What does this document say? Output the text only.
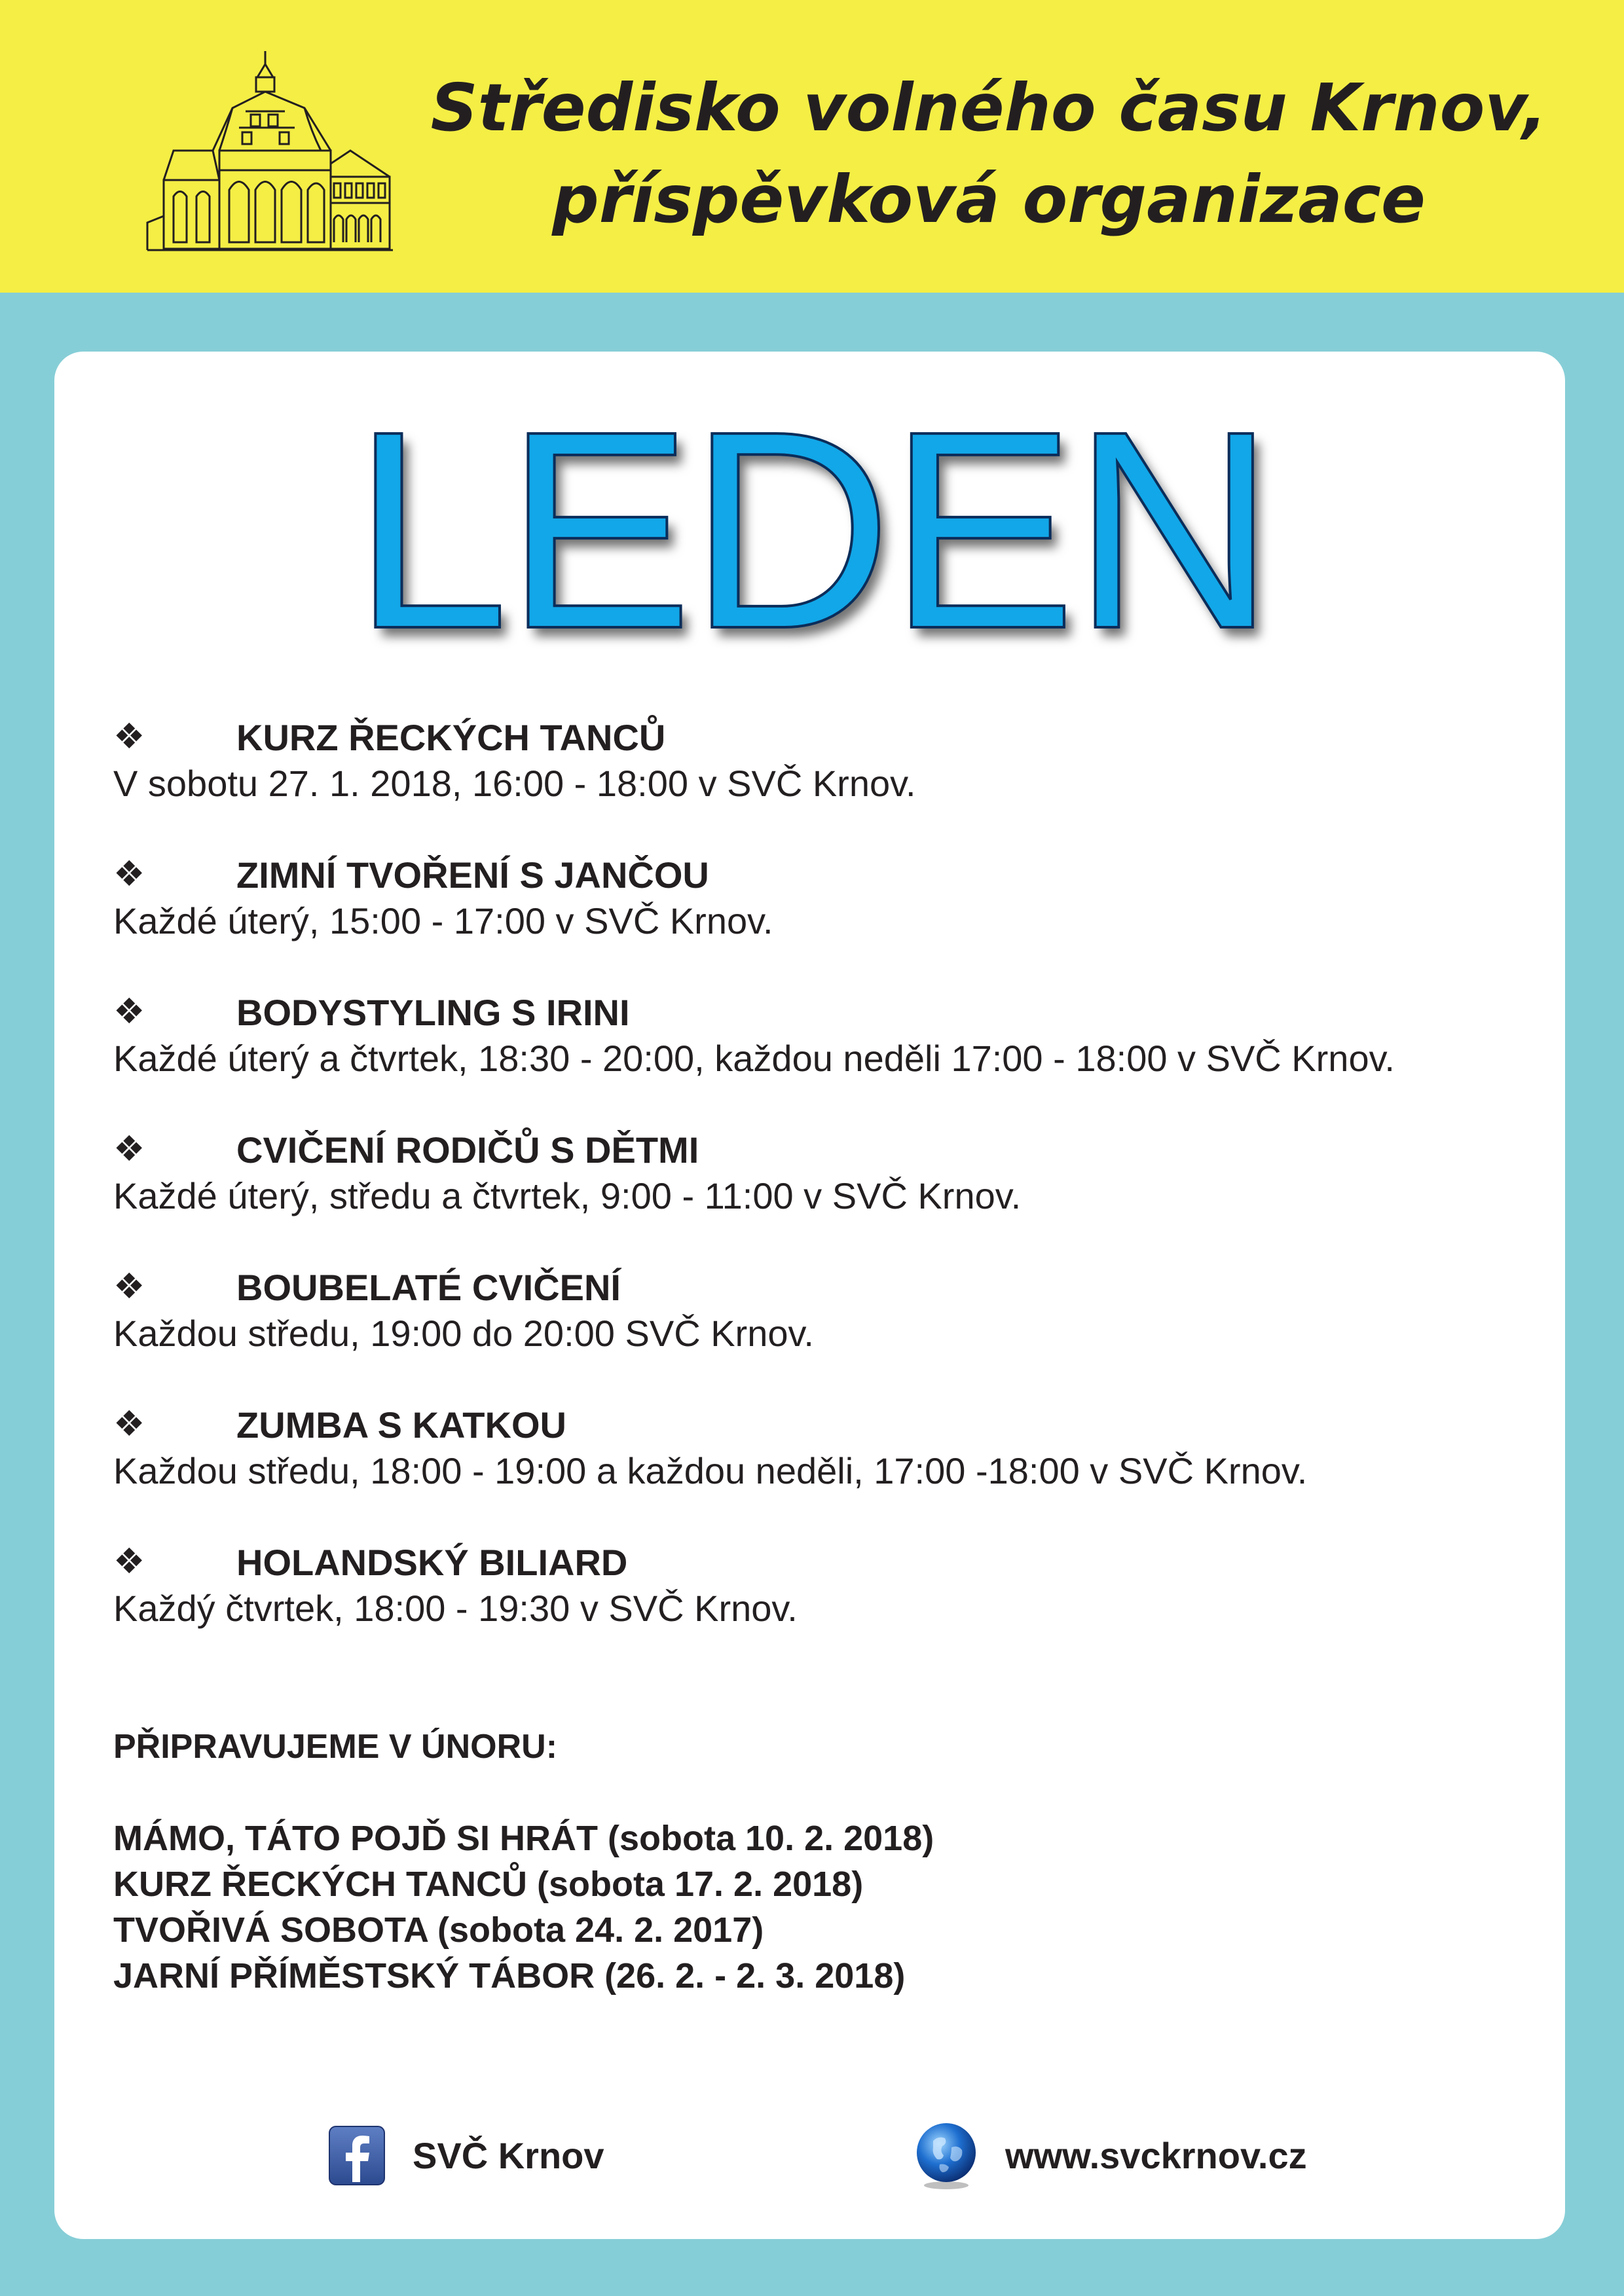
Středisko volného času Krnov,
příspěvková organizace
LEDEN
❖ KURZ ŘECKÝCH TANCŮ
V sobotu 27. 1. 2018, 16:00 - 18:00 v SVČ Krnov.
❖ ZIMNÍ TVOŘENÍ S JANČOU
Každé úterý, 15:00 - 17:00 v SVČ Krnov.
❖ BODYSTYLING S IRINI
Každé úterý a čtvrtek, 18:30 - 20:00, každou neděli 17:00 - 18:00 v SVČ Krnov.
❖ CVIČENÍ RODIČŮ S DĚTMI
Každé úterý, středu a čtvrtek, 9:00 - 11:00 v SVČ Krnov.
❖ BOUBELATÉ CVIČENÍ
Každou středu, 19:00 do 20:00 SVČ Krnov.
❖ ZUMBA S KATKOU
Každou středu, 18:00 - 19:00 a každou neděli, 17:00 -18:00 v SVČ Krnov.
❖ HOLANDSKÝ BILIARD
Každý čtvrtek, 18:00 - 19:30 v SVČ Krnov.
PŘIPRAVUJEME V ÚNORU:
MÁMO, TÁTO POJĎ SI HRÁT (sobota 10. 2. 2018)
KURZ ŘECKÝCH TANCŮ (sobota 17. 2. 2018)
TVOŘIVÁ SOBOTA (sobota 24. 2. 2017)
JARNÍ PŘÍMĚSTSKÝ TÁBOR (26. 2. - 2. 3. 2018)
SVČ Krnov	www.svckrnov.cz
